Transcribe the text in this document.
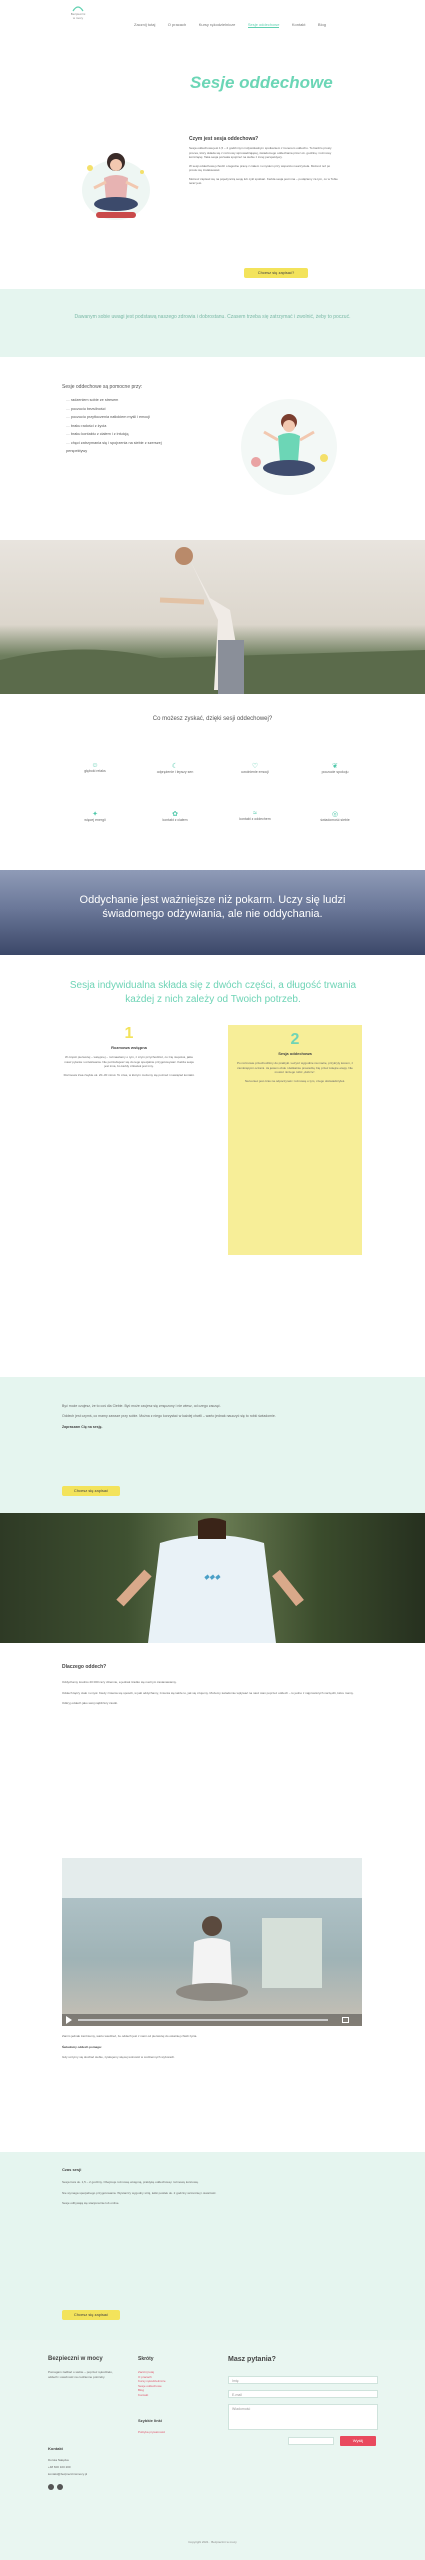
Bezpieczni
w mocy
Zacznij tutaj	O pracach	Kursy rękodzielnicze	Sesje oddechowe	Kontakt	Blog
Sesje oddechowe
Czym jest sesja oddechowa?
Sesja oddechowa jest 1,5 – 2 godzinnym indywidualnym spotkaniem z trenerem oddechu. To bardzo prosty proces, który składa się z rozmowy wprowadzającej, świadomego oddechania przez ok. godzinę i rozmowy kończącej. Taka sesja pozwala spojrzeć na siebie z innej perspektywy.
W sesji oddechowej chodzi o łagodne pracę z ciałem i umysłem przy wsparciu nauczyciela. Możesz też po prostu się zrelaksować.
Możesz zapisać się na pojedynczą sesję lub cykl spotkań. Każda sesja jest inna – podążamy za tym, co w Tobie teraz jest.
Chcesz się zapisać?
Dawanym sobie uwagi jest podstawą naszego zdrowia i dobrostanu. Czasem trzeba się zatrzymać i zwolnić, żeby to poczuć.
Sesje oddechowe są pomocne przy:
— radzeniem sobie ze stresem
— poczuciu bezsilności
— poczuciu przytłoczenia natłokiem myśli i emocji
— braku radości z życia
— braku kontaktu z ciałem i z intuicją
— chęci zatrzymania się i spojrzenia na siebie z szerszej perspektywy
Co możesz zyskać, dzięki sesji oddechowej?
☺
głęboki relaks
☾
odprężenie i lepszy sen
♡
uwolnienie emocji
❦
poczucie spokoju
✦
więcej energii
✿
kontakt z ciałem
≈
kontakt z oddechem
◎
świadomość siebie
Oddychanie jest ważniejsze niż pokarm. Uczy się ludzi świadomego odżywiania, ale nie oddychania.
Sesja indywidualna składa się z dwóch części, a długość trwania każdej z nich zależy od Twoich potrzeb.
1
Rozmowa wstępna
W części pierwszej – wstępnej – rozmawiamy o tym, z czym przychodzisz, co Cię niepokoi, jakie masz pytania i oczekiwania. Nie potrzebujesz się do tego specjalnie przygotowywać. Każda sesja jest inna, bo każdy człowiek jest inny.
Rozmowa trwa zwykle ok. 20–30 minut. To czas, w którym możemy się poznać i nawiązać kontakt.
2
Sesja oddechowa
Po rozmowie przechodzimy do praktyki. Leżysz wygodnie na macie, przykryty kocem, z zamkniętymi oczami. Ja jestem obok i delikatnie prowadzę Cię przez kolejne etapy. Nie musisz niczego robić „dobrze”.
Na koniec jest czas na odpoczynek i rozmowę o tym, czego doświadczyłeś.
Być może czujesz, że to coś dla Ciebie. Być może czujesz się zmęczony i nie wiesz, od czego zacząć.
Oddech jest czymś, co mamy zawsze przy sobie. Można z niego korzystać w każdej chwili – warto jednak nauczyć się to robić świadomie.
Zapraszam Cię na sesję.
Chcesz się zapisać
◆◆◆
Dlaczego oddech?
Oddychamy średnio 20 000 razy dziennie, a jednak rzadko się nad tym zastanawiamy.
Oddech łączy ciało i umysł. Kiedy zmienia się sposób, w jaki oddychamy, zmienia się także to, jak się czujemy. Możemy świadomie wpływać na nasz stan poprzez oddech – to jedno z najprostszych narzędzi, które mamy.
Odkryj oddech jako swój najbliższy zasób.
Zanim jednak zaczniemy, warto wiedzieć, że oddech jest z nami od pierwszej do ostatniej chwili życia.
Świadomy oddech pomaga:
Gdy uczymy się słuchać siebie, zyskujemy więcej wolności w codziennych wyborach.
Czas sesji
Sesja trwa ok. 1,5 – 2 godziny. Obejmuje rozmowę wstępną, praktykę oddechową i rozmowę końcową.
Nie wymaga specjalnego przygotowania. Wystarczy wygodny strój, lekki posiłek ok. 2 godziny wcześniej i otwartość.
Sesje odbywają się stacjonarnie lub online.
Chcesz się zapisać
Bezpieczni w mocy
Pomagam zadbać o siebie – poprzez rękodzieło, oddech i uważność na codzienne potrzeby.
Kontakt
Dorota Nałęcka
+48 600 100 200
kontakt@bezpieczniwmocy.pl
Skróty
Zacznij tutaj
O pracach
Kursy rękodzielnicze
Sesje oddechowe
Blog
Kontakt
Szybkie linki
Polityka prywatności
Masz pytania?
Imię
E-mail
Wiadomość
Wyślij
Copyright 2021 · Bezpieczni w mocy
